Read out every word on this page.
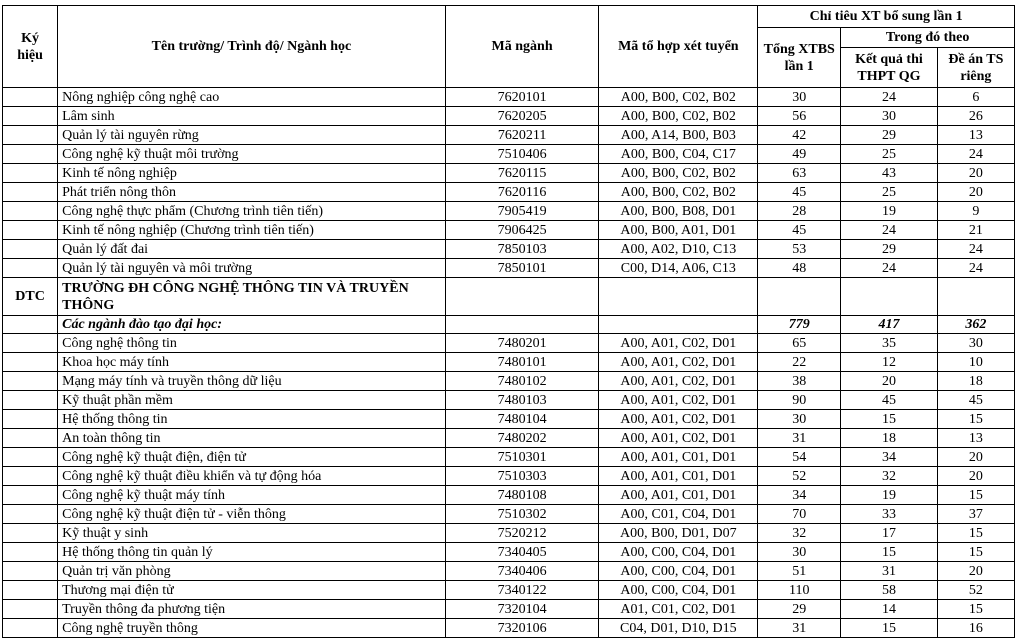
Ký hiệu	Tên trường/ Trình độ/ Ngành học	Mã ngành	Mã tổ hợp xét tuyển	Chỉ tiêu XT bổ sung lần 1		
				Tổng XTBS lần 1	Trong đó theo	
					Kết quả thi THPT QG	Đề án TS riêng
	Nông nghiệp công nghệ cao	7620101	A00, B00, C02, B02	30	24	6
	Lâm sinh	7620205	A00, B00, C02, B02	56	30	26
	Quản lý tài nguyên rừng	7620211	A00, A14, B00, B03	42	29	13
	Công nghệ kỹ thuật môi trường	7510406	A00, B00, C04, C17	49	25	24
	Kinh tế nông nghiệp	7620115	A00, B00, C02, B02	63	43	20
	Phát triển nông thôn	7620116	A00, B00, C02, B02	45	25	20
	Công nghệ thực phẩm (Chương trình tiên tiến)	7905419	A00, B00, B08, D01	28	19	9
	Kinh tế nông nghiệp (Chương trình tiên tiến)	7906425	A00, B00, A01, D01	45	24	21
	Quản lý đất đai	7850103	A00, A02, D10, C13	53	29	24
	Quản lý tài nguyên và môi trường	7850101	C00, D14, A06, C13	48	24	24
DTC	TRƯỜNG ĐH CÔNG NGHỆ THÔNG TIN VÀ TRUYỀN THÔNG					
	Các ngành đào tạo đại học:			779	417	362
	Công nghệ thông tin	7480201	A00, A01, C02, D01	65	35	30
	Khoa học máy tính	7480101	A00, A01, C02, D01	22	12	10
	Mạng máy tính và truyền thông dữ liệu	7480102	A00, A01, C02, D01	38	20	18
	Kỹ thuật phần mềm	7480103	A00, A01, C02, D01	90	45	45
	Hệ thống thông tin	7480104	A00, A01, C02, D01	30	15	15
	An toàn thông tin	7480202	A00, A01, C02, D01	31	18	13
	Công nghệ kỹ thuật điện, điện tử	7510301	A00, A01, C01, D01	54	34	20
	Công nghệ kỹ thuật điều khiển và tự động hóa	7510303	A00, A01, C01, D01	52	32	20
	Công nghệ kỹ thuật máy tính	7480108	A00, A01, C01, D01	34	19	15
	Công nghệ kỹ thuật điện tử - viễn thông	7510302	A00, C01, C04, D01	70	33	37
	Kỹ thuật y sinh	7520212	A00, B00, D01, D07	32	17	15
	Hệ thống thông tin quản lý	7340405	A00, C00, C04, D01	30	15	15
	Quản trị văn phòng	7340406	A00, C00, C04, D01	51	31	20
	Thương mại điện tử	7340122	A00, C00, C04, D01	110	58	52
	Truyền thông đa phương tiện	7320104	A01, C01, C02, D01	29	14	15
	Công nghệ truyền thông	7320106	C04, D01, D10, D15	31	15	16
